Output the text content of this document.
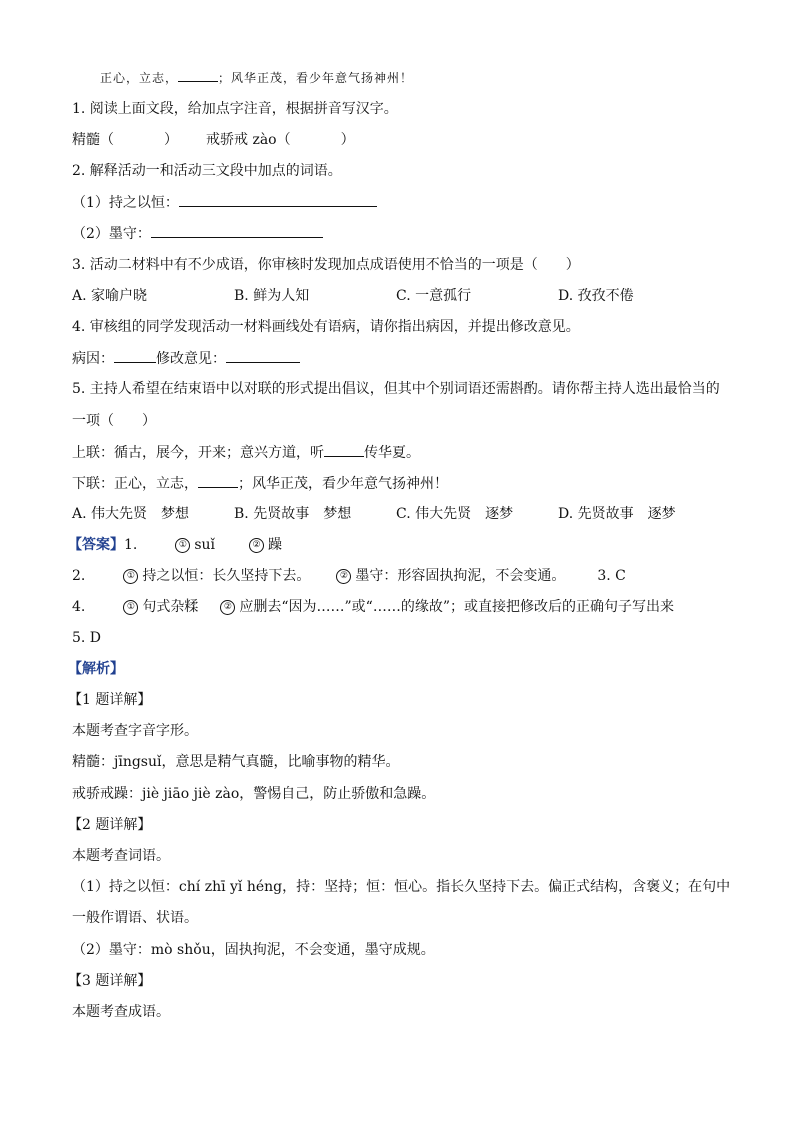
正心，立志，	；风华正茂，看少年意气扬神州！
1. 阅读上面文段，给加点字注音，根据拼音写汉字。
精髓（	） 戒骄戒 zào（	）
2. 解释活动一和活动三文段中加点的词语。
（1）持之以恒：
（2）墨守：
3. 活动二材料中有不少成语，你审核时发现加点成语使用不恰当的一项是（　　）
A. 家喻户晓	B. 鲜为人知	C. 一意孤行	D. 孜孜不倦
4. 审核组的同学发现活动一材料画线处有语病，请你指出病因，并提出修改意见。
病因：	修改意见：
5. 主持人希望在结束语中以对联的形式提出倡议，但其中个别词语还需斟酌。请你帮主持人选出最恰当的
一项（　　）
上联：循古，展今，开来；意兴方道，听	传华夏。
下联：正心，立志，	；风华正茂，看少年意气扬神州！
A. 伟大先贤　梦想	B. 先贤故事　梦想	C. 伟大先贤　逐梦	D. 先贤故事　逐梦
【答案】1.	① suǐ	② 躁
2.	① 持之以恒：长久坚持下去。	② 墨守：形容固执拘泥，不会变通。 3. C
4.	① 句式杂糅	② 应删去“因为……”或“……的缘故”；或直接把修改后的正确句子写出来
5. D
【解析】
【1 题详解】
本题考查字音字形。
精髓：jīngsuǐ，意思是精气真髓，比喻事物的精华。
戒骄戒躁：jiè jiāo jiè zào，警惕自己，防止骄傲和急躁。
【2 题详解】
本题考查词语。
（1）持之以恒：chí zhī yǐ héng，持：坚持；恒：恒心。指长久坚持下去。偏正式结构，含褒义；在句中
一般作谓语、状语。
（2）墨守：mò shǒu，固执拘泥，不会变通，墨守成规。
【3 题详解】
本题考查成语。
